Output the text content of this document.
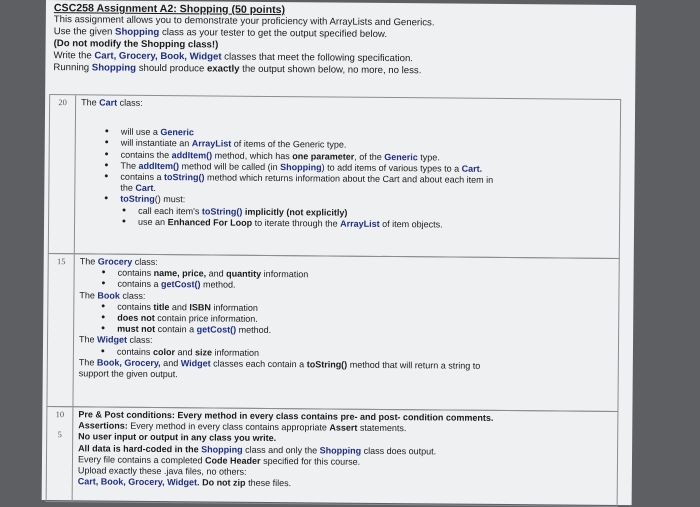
CSC258 Assignment A2: Shopping (50 points)
This assignment allows you to demonstrate your proficiency with ArrayLists and Generics.
Use the given Shopping class as your tester to get the output specified below.
(Do not modify the Shopping class!)
Write the Cart, Grocery, Book, Widget classes that meet the following specification.
Running Shopping should produce exactly the output shown below, no more, no less.
20	The Cart class:
• will use a Generic
• will instantiate an ArrayList of items of the Generic type.
• contains the addItem() method, which has one parameter, of the Generic type.
• The addItem() method will be called (in Shopping) to add items of various types to a Cart.
• contains a toString() method which returns information about the Cart and about each item in
the Cart.
• toString() must:
• call each item's toString() implicitly (not explicitly)
• use an Enhanced For Loop to iterate through the ArrayList of item objects.
15	The Grocery class:
• contains name, price, and quantity information
• contains a getCost() method.
The Book class:
• contains title and ISBN information
• does not contain price information.
• must not contain a getCost() method.
The Widget class:
• contains color and size information
The Book, Grocery, and Widget classes each contain a toString() method that will return a string to
support the given output.
10
5
Pre & Post conditions: Every method in every class contains pre- and post- condition comments.
Assertions: Every method in every class contains appropriate Assert statements.
No user input or output in any class you write.
All data is hard-coded in the Shopping class and only the Shopping class does output.
Every file contains a completed Code Header specified for this course.
Upload exactly these .java files, no others:
Cart, Book, Grocery, Widget. Do not zip these files.
